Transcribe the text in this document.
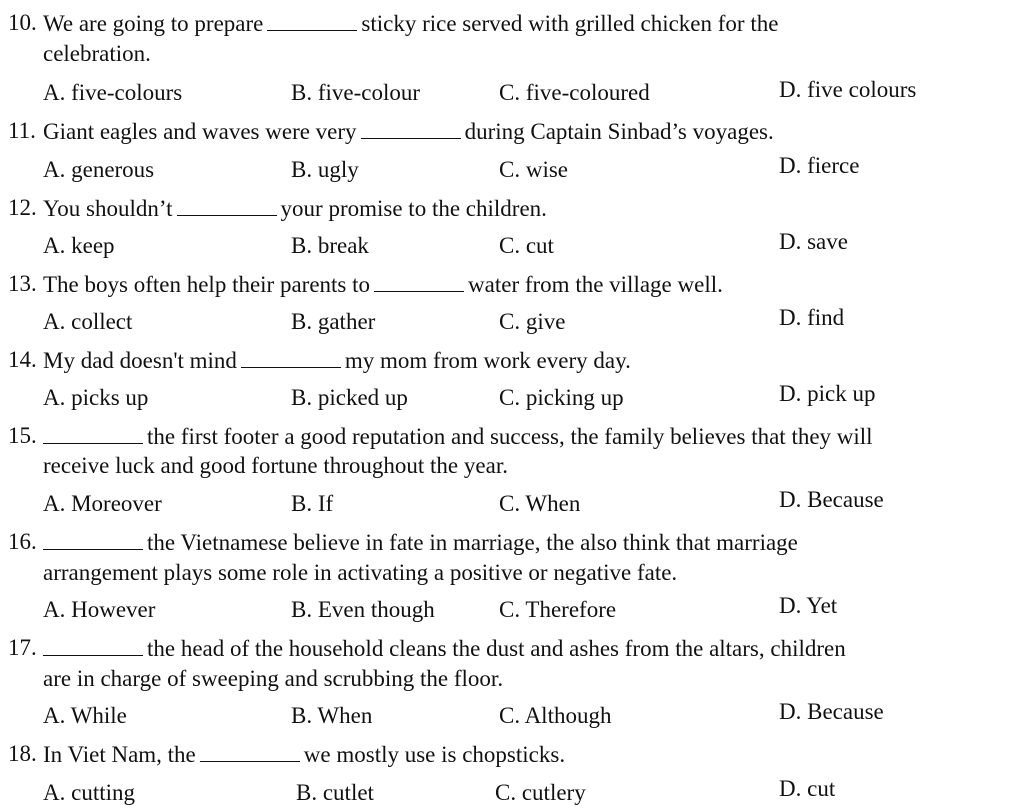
10. We are going to prepare	sticky rice served with grilled chicken for the
celebration.
A. five-colours	B. five-colour	C. five-coloured	D. five colours
11. Giant eagles and waves were very	during Captain Sinbad’s voyages.
A. generous	B. ugly	C. wise	D. fierce
12. You shouldn’t	your promise to the children.
A. keep	B. break	C. cut	D. save
13. The boys often help their parents to	water from the village well.
A. collect	B. gather	C. give	D. find
14. My dad doesn't mind	my mom from work every day.
A. picks up	B. picked up	C. picking up	D. pick up
15.	the first footer a good reputation and success, the family believes that they will
receive luck and good fortune throughout the year.
A. Moreover	B. If	C. When	D. Because
16.	the Vietnamese believe in fate in marriage, the also think that marriage
arrangement plays some role in activating a positive or negative fate.
A. However	B. Even though	C. Therefore	D. Yet
17.	the head of the household cleans the dust and ashes from the altars, children
are in charge of sweeping and scrubbing the floor.
A. While	B. When	C. Although	D. Because
18. In Viet Nam, the	we mostly use is chopsticks.
A. cutting	B. cutlet	C. cutlery	D. cut
